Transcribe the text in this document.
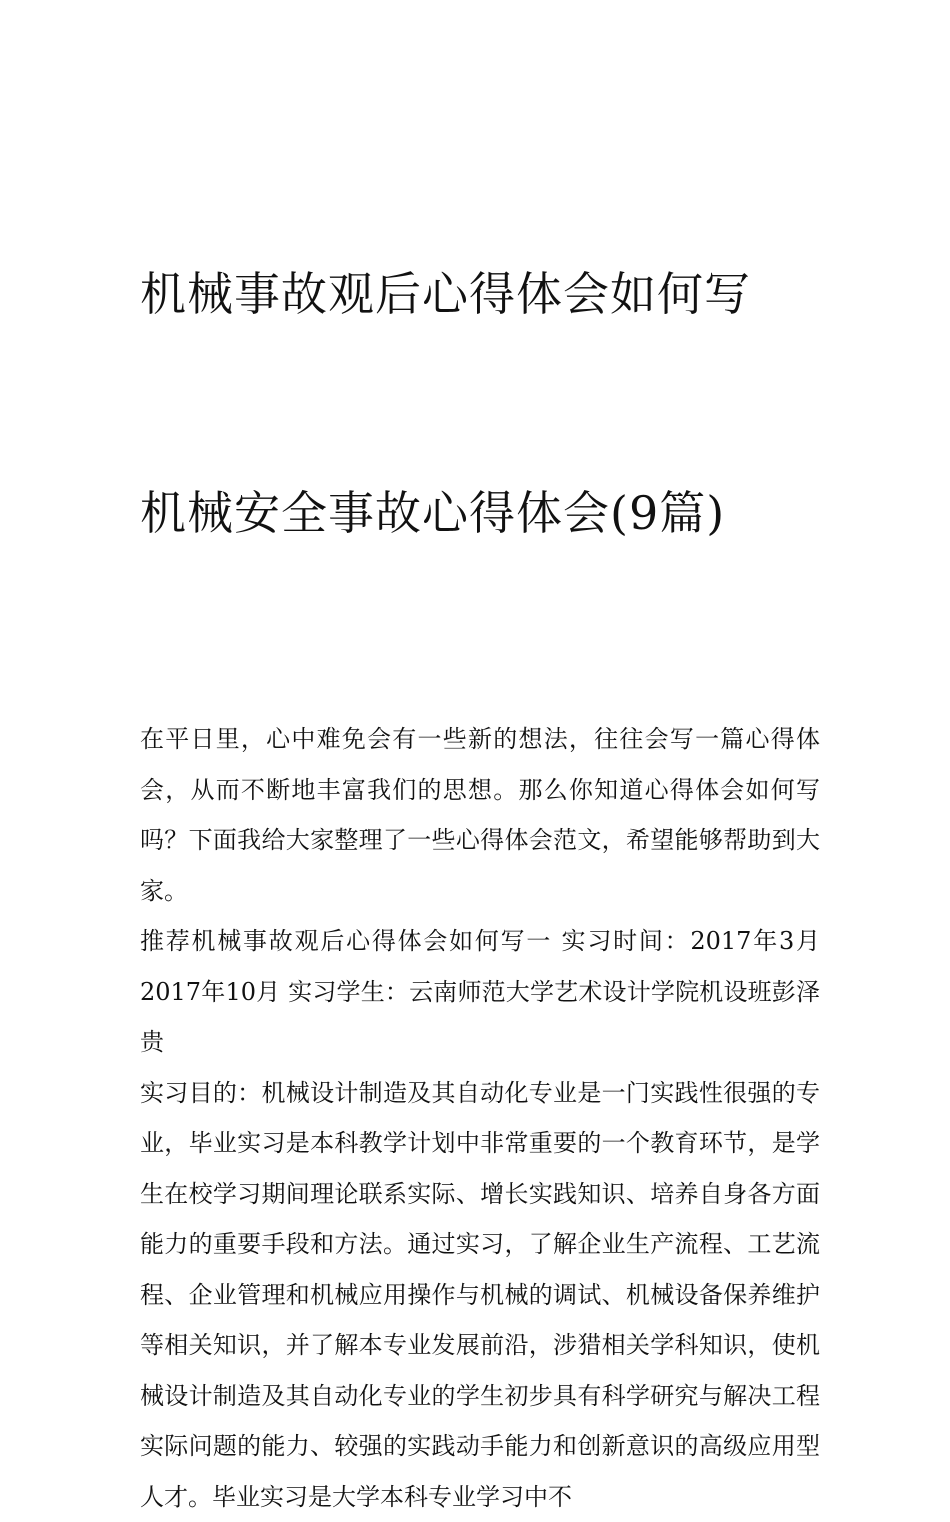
机械事故观后心得体会如何写

机械安全事故心得体会(9篇)

在平日里，心中难免会有一些新的想法，往往会写一篇心得体会，从而不断地丰富我们的思想。那么你知道心得体会如何写吗？下面我给大家整理了一些心得体会范文，希望能够帮助到大家。

推荐机械事故观后心得体会如何写一 实习时间：2017年3月 2017年10月 实习学生：云南师范大学艺术设计学院机设班彭泽贵

实习目的：机械设计制造及其自动化专业是一门实践性很强的专业，毕业实习是本科教学计划中非常重要的一个教育环节，是学生在校学习期间理论联系实际、增长实践知识、培养自身各方面能力的重要手段和方法。通过实习，了解企业生产流程、工艺流程、企业管理和机械应用操作与机械的调试、机械设备保养维护等相关知识，并了解本专业发展前沿，涉猎相关学科知识，使机械设计制造及其自动化专业的学生初步具有科学研究与解决工程实际问题的能力、较强的实践动手能力和创新意识的高级应用型人才。毕业实习是大学本科专业学习中不
